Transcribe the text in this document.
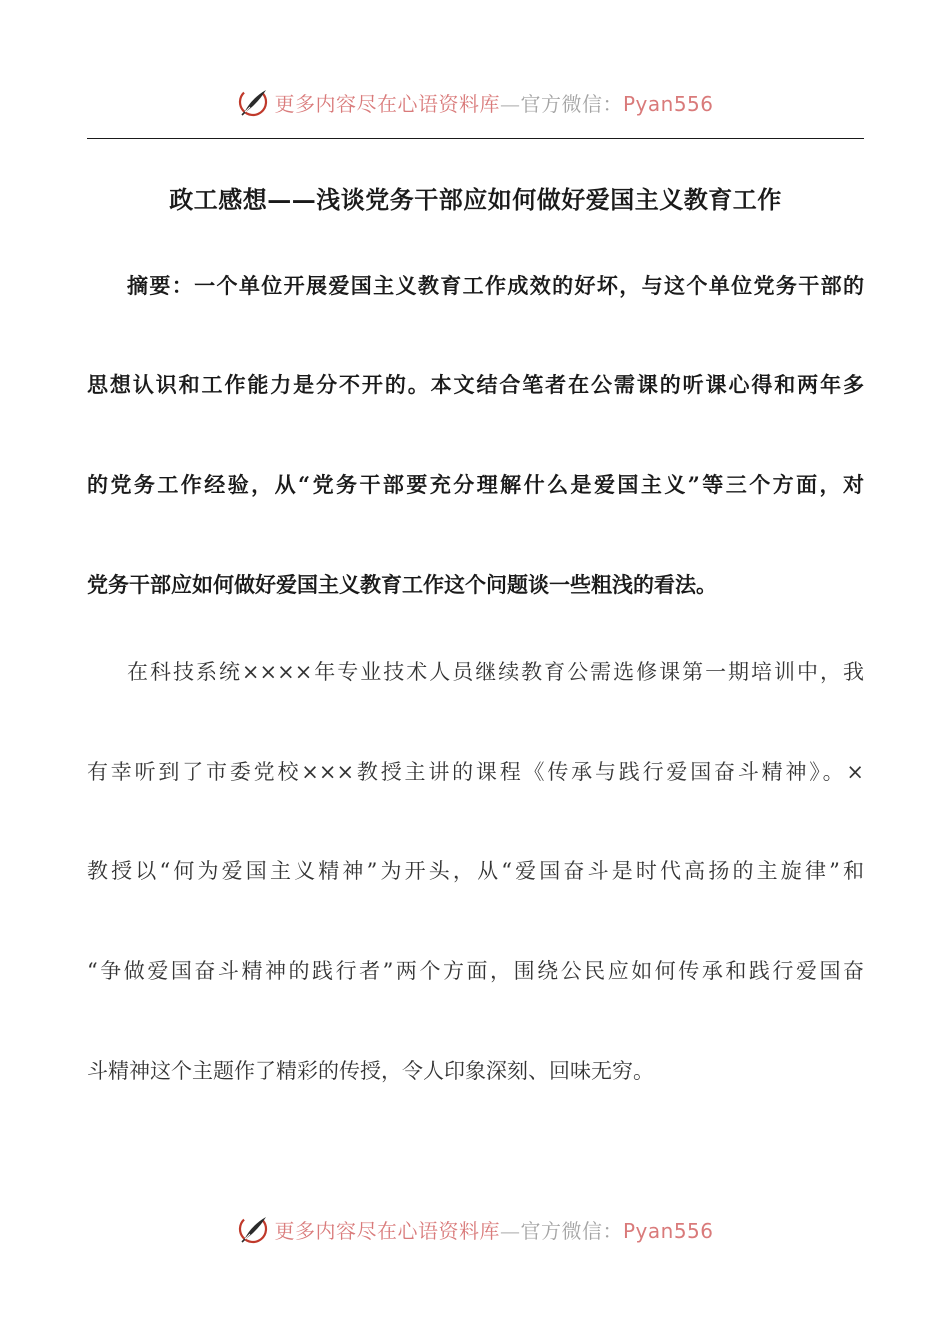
更多内容尽在心语资料库—官方微信：Pyan556
政工感想——浅谈党务干部应如何做好爱国主义教育工作
摘要：一个单位开展爱国主义教育工作成效的好坏，与这个单位党务干部的
思想认识和工作能力是分不开的。本文结合笔者在公需课的听课心得和两年多
的党务工作经验，从“党务干部要充分理解什么是爱国主义”等三个方面，对
党务干部应如何做好爱国主义教育工作这个问题谈一些粗浅的看法。
在科技系统××××年专业技术人员继续教育公需选修课第一期培训中，我
有幸听到了市委党校×××教授主讲的课程《传承与践行爱国奋斗精神》。×
教授以“何为爱国主义精神”为开头，从“爱国奋斗是时代高扬的主旋律”和
“争做爱国奋斗精神的践行者”两个方面，围绕公民应如何传承和践行爱国奋
斗精神这个主题作了精彩的传授，令人印象深刻、回味无穷。
更多内容尽在心语资料库—官方微信：Pyan556
